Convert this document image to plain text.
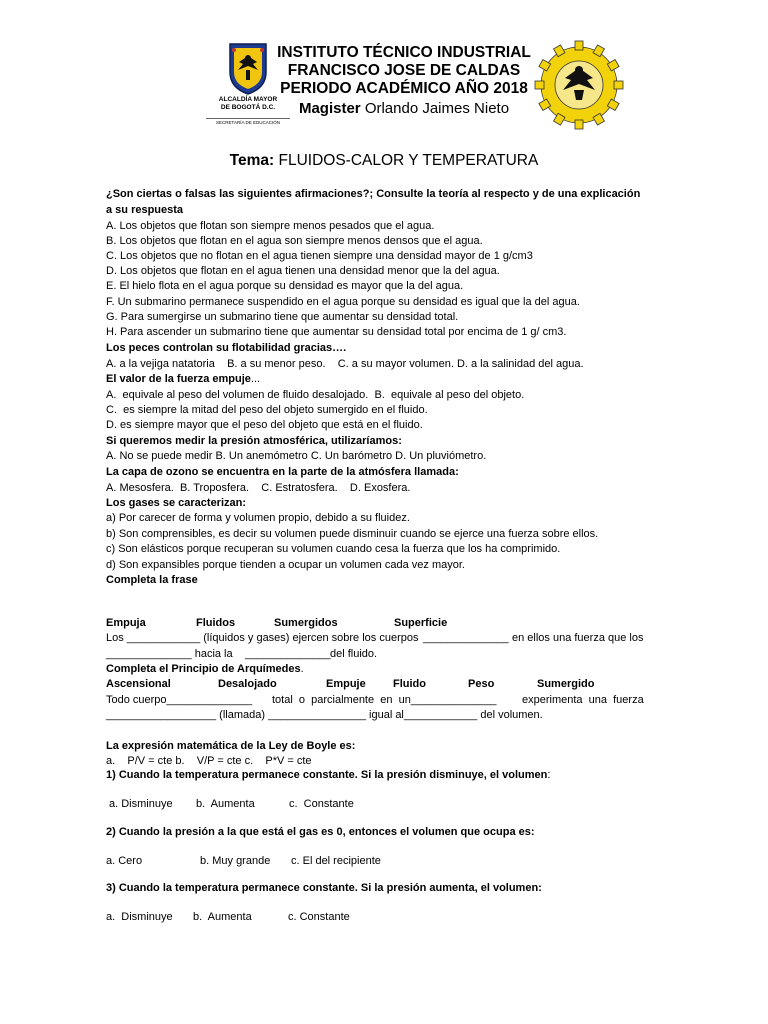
ALCALDÍA MAYOR
DE BOGOTÁ D.C.
SECRETARÍA DE EDUCACIÓN
INSTITUTO TÉCNICO INDUSTRIAL
FRANCISCO JOSE DE CALDAS
PERIODO ACADÉMICO AÑO 2018
Magister Orlando Jaimes Nieto
Tema: FLUIDOS-CALOR Y TEMPERATURA
¿Son ciertas o falsas las siguientes afirmaciones?; Consulte la teoría al respecto y de una explicación
a su respuesta
A. Los objetos que flotan son siempre menos pesados que el agua.
B. Los objetos que flotan en el agua son siempre menos densos que el agua.
C. Los objetos que no flotan en el agua tienen siempre una densidad mayor de 1 g/cm3
D. Los objetos que flotan en el agua tienen una densidad menor que la del agua.
E. El hielo flota en el agua porque su densidad es mayor que la del agua.
F. Un submarino permanece suspendido en el agua porque su densidad es igual que la del agua.
G. Para sumergirse un submarino tiene que aumentar su densidad total.
H. Para ascender un submarino tiene que aumentar su densidad total por encima de 1 g/ cm3.
Los peces controlan su flotabilidad gracias….
A. a la vejiga natatoria    B. a su menor peso.    C. a su mayor volumen. D. a la salinidad del agua.
El valor de la fuerza empuje...
A.  equivale al peso del volumen de fluido desalojado.  B.  equivale al peso del objeto.
C.  es siempre la mitad del peso del objeto sumergido en el fluido.
D. es siempre mayor que el peso del objeto que está en el fluido.
Si queremos medir la presión atmosférica, utilizaríamos:
A. No se puede medir B. Un anemómetro C. Un barómetro D. Un pluviómetro.
La capa de ozono se encuentra en la parte de la atmósfera llamada:
A. Mesosfera.  B. Troposfera.    C. Estratosfera.    D. Exosfera.
Los gases se caracterizan:
a) Por carecer de forma y volumen propio, debido a su fluidez.
b) Son comprensibles, es decir su volumen puede disminuir cuando se ejerce una fuerza sobre ellos.
c) Son elásticos porque recuperan su volumen cuando cesa la fuerza que los ha comprimido.
d) Son expansibles porque tienden a ocupar un volumen cada vez mayor.
Completa la frase
Empuja	Fluidos	Sumergidos	Superficie
Los ____________ (líquidos y gases) ejercen sobre los cuerpos ______________ en ellos una fuerza que los
______________ hacia la ______________ del fluido.
Completa el Principio de Arquímedes.
Ascensional	Desalojado	Empuje Fluido	Peso	Sumergido
Todo cuerpo______________ total  o  parcialmente  en  un______________ experimenta  una  fuerza
__________________ (llamada) ________________ igual al____________ del volumen.
La expresión matemática de la Ley de Boyle es:
a.    P/V = cte b.    V/P = cte c.    P*V = cte
1) Cuando la temperatura permanece constante. Si la presión disminuye, el volumen:
a. Disminuye b.  Aumenta	c.  Constante
2) Cuando la presión a la que está el gas es 0, entonces el volumen que ocupa es:
a. Cero	b. Muy grande c. El del recipiente
3) Cuando la temperatura permanece constante. Si la presión aumenta, el volumen:
a.  Disminuye b.  Aumenta	c. Constante
